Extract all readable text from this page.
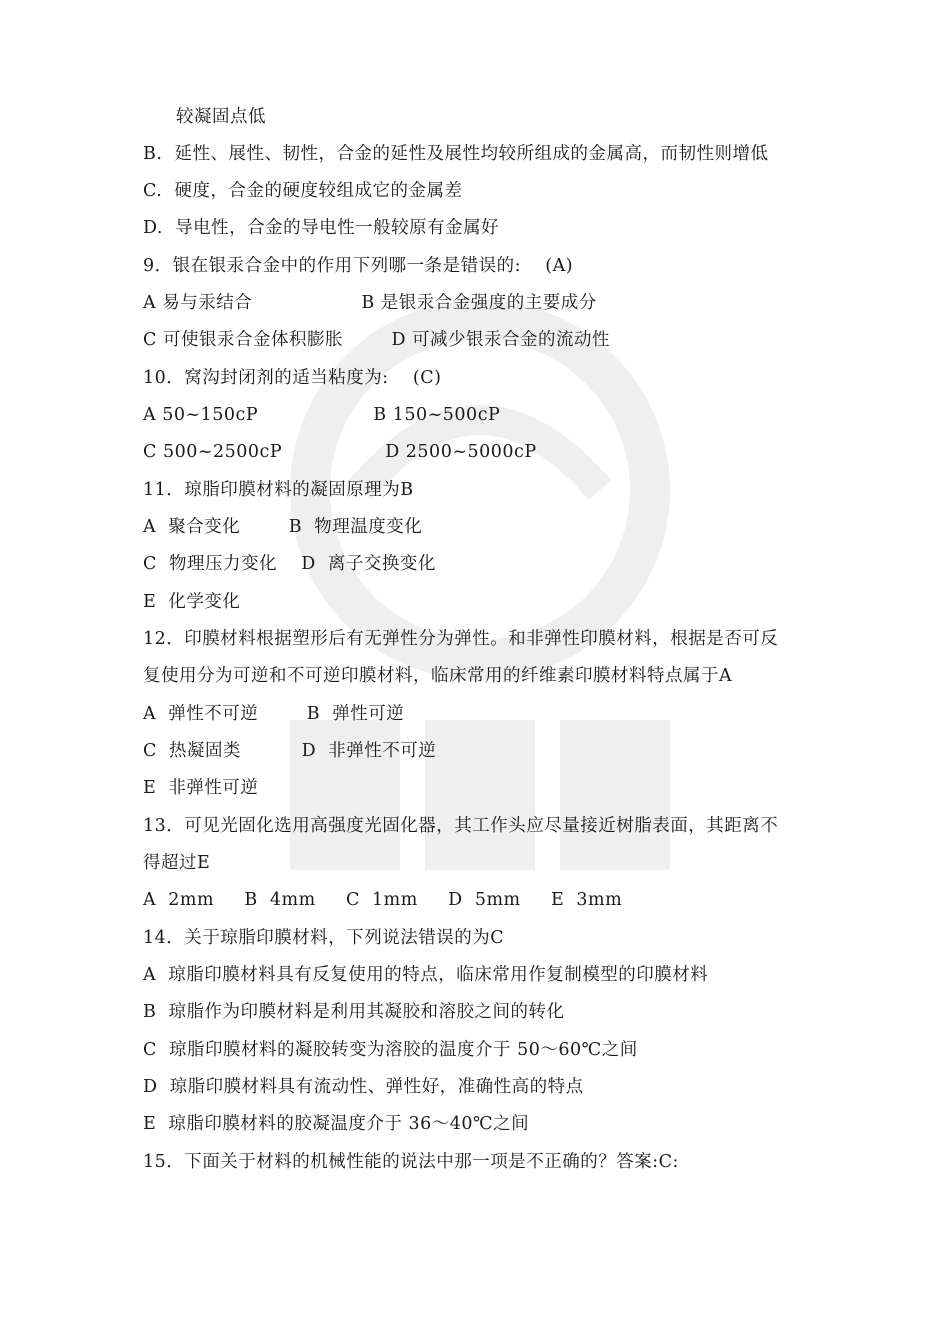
较凝固点低
B.  延性、展性、韧性，合金的延性及展性均较所组成的金属高，而韧性则增低
C.  硬度，合金的硬度较组成它的金属差
D.  导电性，合金的导电性一般较原有金属好
9．银在银汞合金中的作用下列哪一条是错误的:    (A)
A 易与汞结合                  B 是银汞合金强度的主要成分
C 可使银汞合金体积膨胀        D 可减少银汞合金的流动性
10．窝沟封闭剂的适当粘度为:    (C)
A 50~150cP                   B 150~500cP
C 500~2500cP                 D 2500~5000cP
11．琼脂印膜材料的凝固原理为B
A  聚合变化        B  物理温度变化
C  物理压力变化    D  离子交换变化
E  化学变化
12．印膜材料根据塑形后有无弹性分为弹性。和非弹性印膜材料，根据是否可反
复使用分为可逆和不可逆印膜材料，临床常用的纤维素印膜材料特点属于A
A  弹性不可逆        B  弹性可逆
C  热凝固类          D  非弹性不可逆
E  非弹性可逆
13．可见光固化选用高强度光固化器，其工作头应尽量接近树脂表面，其距离不
得超过E
A  2mm     B  4mm     C  1mm     D  5mm     E  3mm
14．关于琼脂印膜材料，下列说法错误的为C
A  琼脂印膜材料具有反复使用的特点，临床常用作复制模型的印膜材料
B  琼脂作为印膜材料是利用其凝胶和溶胶之间的转化
C  琼脂印膜材料的凝胶转变为溶胶的温度介于 50～60℃之间
D  琼脂印膜材料具有流动性、弹性好，准确性高的特点
E  琼脂印膜材料的胶凝温度介于 36～40℃之间
15．下面关于材料的机械性能的说法中那一项是不正确的？答案:C:
